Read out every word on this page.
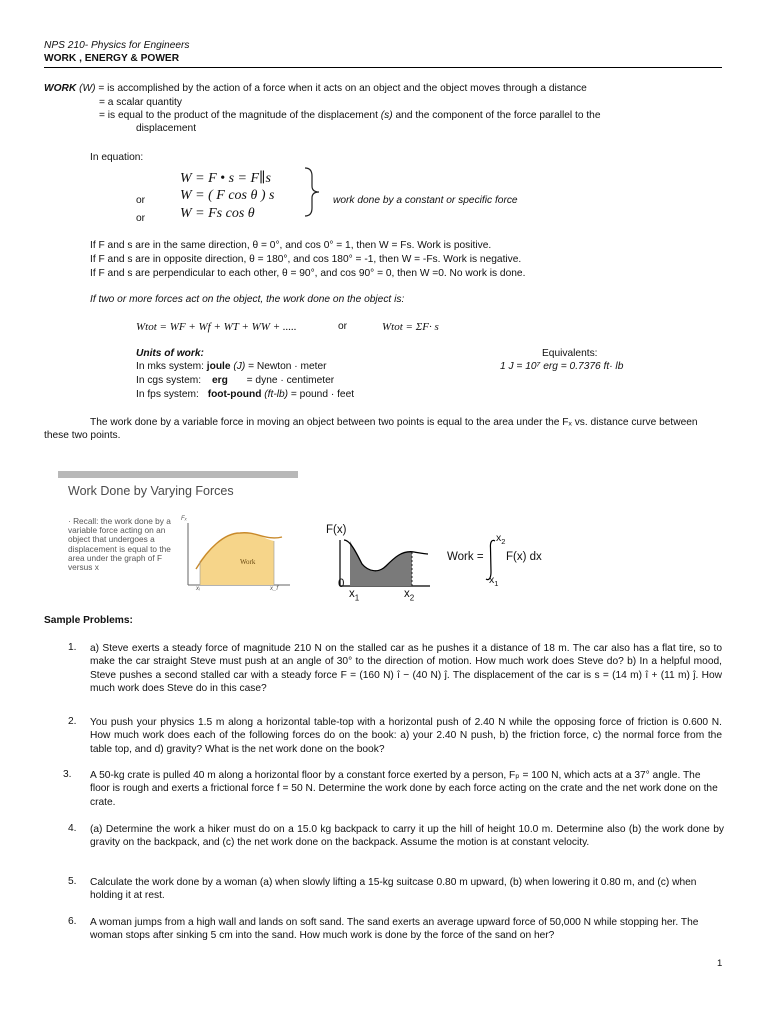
NPS 210- Physics for Engineers
WORK , ENERGY & POWER
WORK (W) = is accomplished by the action of a force when it acts on an object and the object moves through a distance
= a scalar quantity
= is equal to the product of the magnitude of the displacement (s) and the component of the force parallel to the
displacement
In equation:
W = F • s = F∥s
or W = ( F cos θ ) s
or W = Fs cos θ
work done by a constant or specific force
If F and s are in the same direction, θ = 0°, and cos 0° = 1, then W = Fs. Work is positive.
If F and s are in opposite direction, θ = 180°, and cos 180° = -1, then W = -Fs. Work is negative.
If F and s are perpendicular to each other, θ = 90°, and cos 90° = 0, then W =0. No work is done.
If two or more forces act on the object, the work done on the object is:
Wtot = WF + Wf + WT + WW + .....	or	Wtot = ΣF· s
Units of work:	Equivalents:
In mks system: joule (J) = Newton · meter	1 J = 10⁷ erg = 0.7376 ft· lb
In cgs system: erg = dyne · centimeter
In fps system: foot-pound (ft-lb) = pound · feet
The work done by a variable force in moving an object between two points is equal to the area under the Fₓ vs. distance curve between these two points.
Work Done by Varying Forces
· Recall: the work done by a variable force acting on an object that undergoes a displacement is equal to the area under the graph of F versus x
Work
Fₓ
xᵢ	x_f
F(x)
0
$x_1$	$x_2$
Work =
$x_2$
F(x) dx
$x_1$
Sample Problems:
1. a) Steve exerts a steady force of magnitude 210 N on the stalled car as he pushes it a distance of 18 m. The car also has a flat tire, so to make the car straight Steve must push at an angle of 30° to the direction of motion. How much work does Steve do? b) In a helpful mood, Steve pushes a second stalled car with a steady force F = (160 N) î − (40 N) ĵ. The displacement of the car is s = (14 m) î + (11 m) ĵ. How much work does Steve do in this case?
2. You push your physics 1.5 m along a horizontal table-top with a horizontal push of 2.40 N while the opposing force of friction is 0.600 N. How much work does each of the following forces do on the book: a) your 2.40 N push, b) the friction force, c) the normal force from the table top, and d) gravity? What is the net work done on the book?
3. A 50-kg crate is pulled 40 m along a horizontal floor by a constant force exerted by a person, Fₚ = 100 N, which acts at a 37° angle. The floor is rough and exerts a frictional force f = 50 N. Determine the work done by each force acting on the crate and the net work done on the crate.
4. (a) Determine the work a hiker must do on a 15.0 kg backpack to carry it up the hill of height 10.0 m. Determine also (b) the work done by gravity on the backpack, and (c) the net work done on the backpack. Assume the motion is at constant velocity.
5. Calculate the work done by a woman (a) when slowly lifting a 15-kg suitcase 0.80 m upward, (b) when lowering it 0.80 m, and (c) when holding it at rest.
6. A woman jumps from a high wall and lands on soft sand. The sand exerts an average upward force of 50,000 N while stopping her. The woman stops after sinking 5 cm into the sand. How much work is done by the force of the sand on her?
1
